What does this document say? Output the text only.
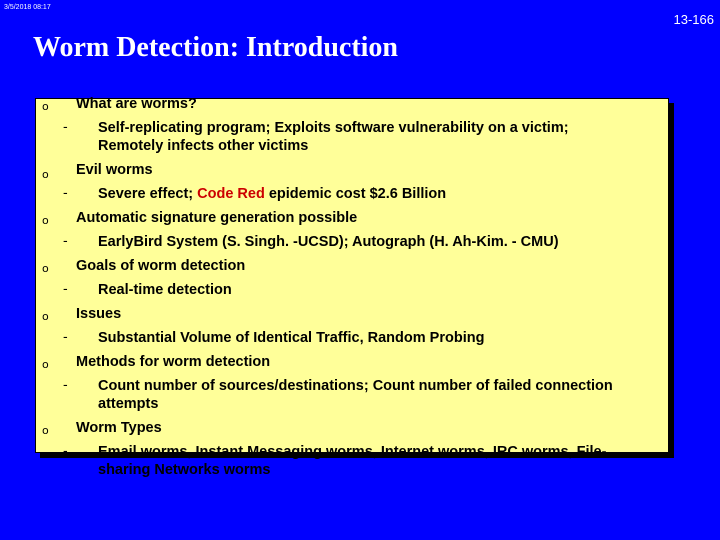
3/5/2018 08:17
13-166
Worm Detection: Introduction
o What are worms?
- Self-replicating program; Exploits software vulnerability on a victim;
Remotely infects other victims
o Evil worms
- Severe effect; Code Red epidemic cost $2.6 Billion
o Automatic signature generation possible
- EarlyBird System (S. Singh. -UCSD); Autograph (H. Ah-Kim. - CMU)
o Goals of worm detection
- Real-time detection
o Issues
- Substantial Volume of Identical Traffic, Random Probing
o Methods for worm detection
- Count number of sources/destinations; Count number of failed connection
attempts
o Worm Types
- Email worms, Instant Messaging worms, Internet worms, IRC worms, File-
sharing Networks worms
